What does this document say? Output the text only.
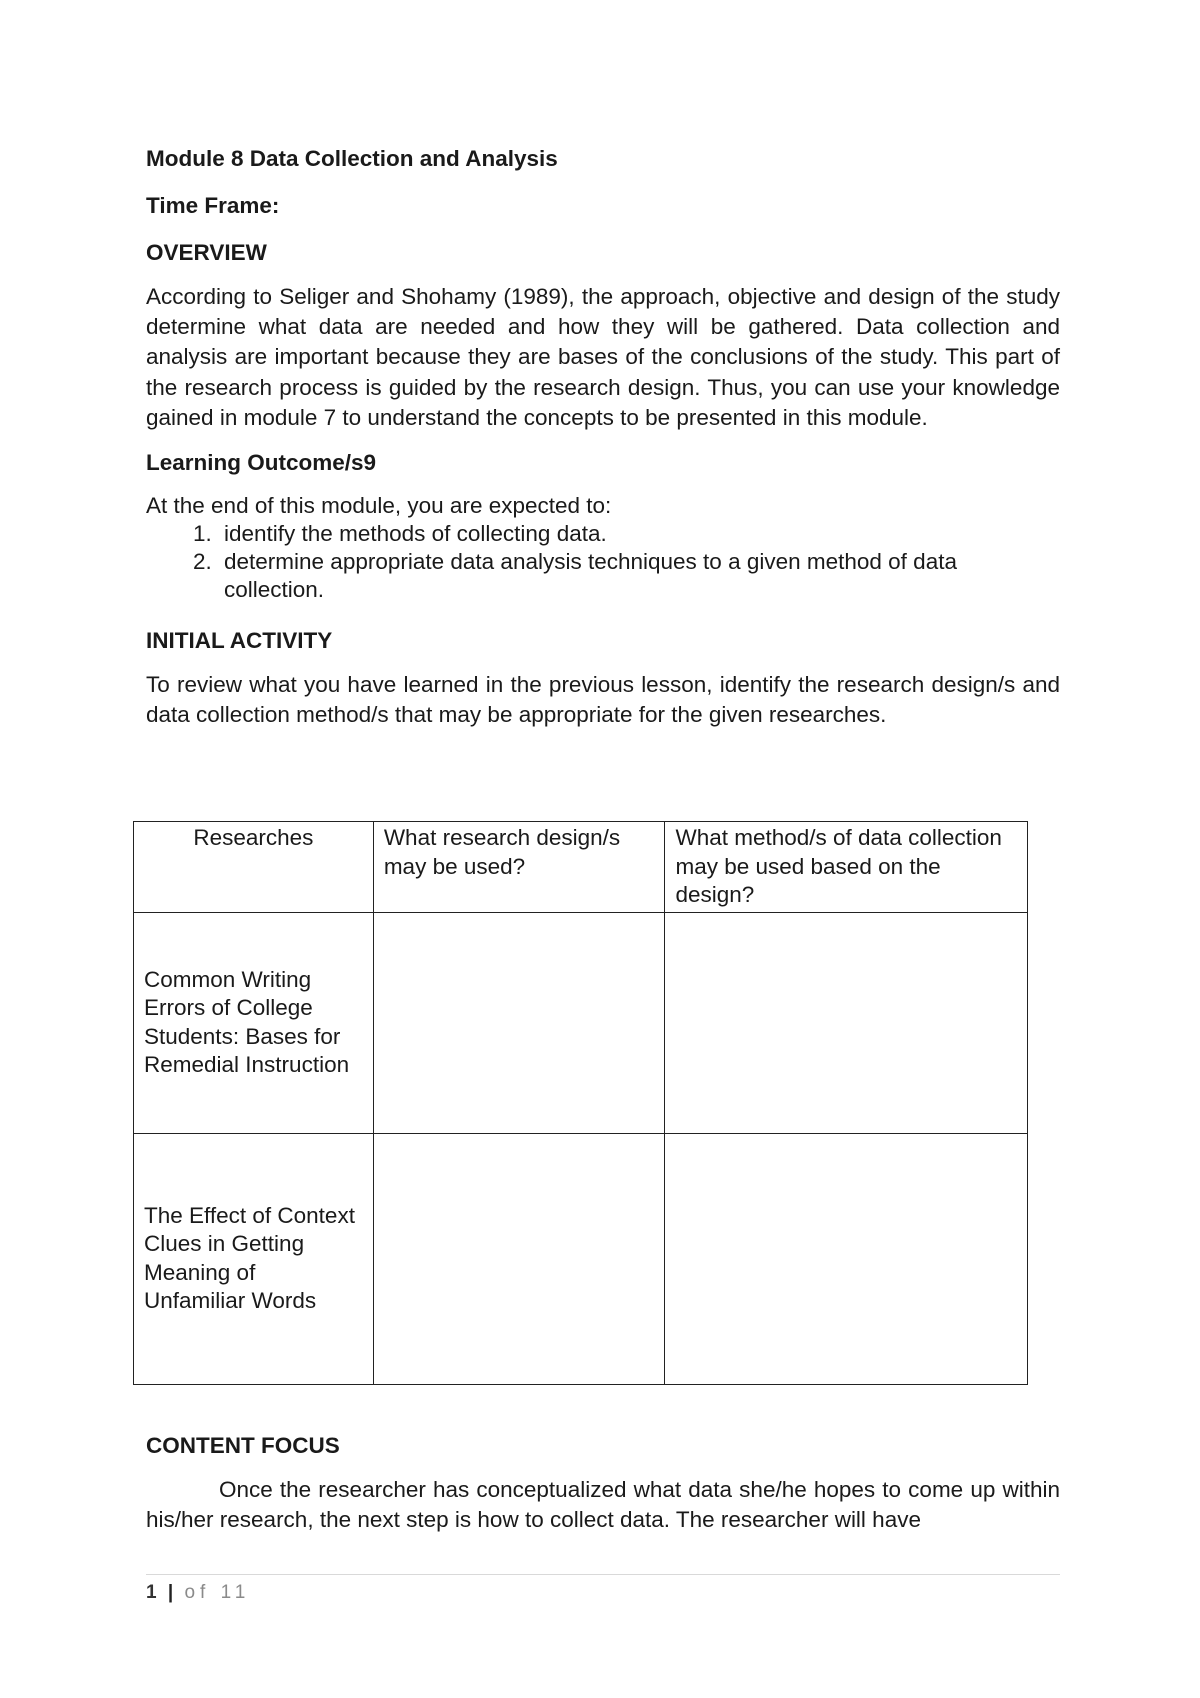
Module 8 Data Collection and Analysis

Time Frame:

OVERVIEW

According to Seliger and Shohamy (1989), the approach, objective and design of the study determine what data are needed and how they will be gathered. Data collection and analysis are important because they are bases of the conclusions of the study. This part of the research process is guided by the research design. Thus, you can use your knowledge gained in module 7 to understand the concepts to be presented in this module.

Learning Outcome/s9

At the end of this module, you are expected to:

1. identify the methods of collecting data.
2. determine appropriate data analysis techniques to a given method of data collection.

INITIAL ACTIVITY

To review what you have learned in the previous lesson, identify the research design/s and data collection method/s that may be appropriate for the given researches.

Researches	What research design/s may be used?	What method/s of data collection may be used based on the design?
Common Writing Errors of College Students: Bases for Remedial Instruction		
The Effect of Context Clues in Getting Meaning of Unfamiliar Words		

CONTENT FOCUS

Once the researcher has conceptualized what data she/he hopes to come up within his/her research, the next step is how to collect data. The researcher will have

1 | of 11
